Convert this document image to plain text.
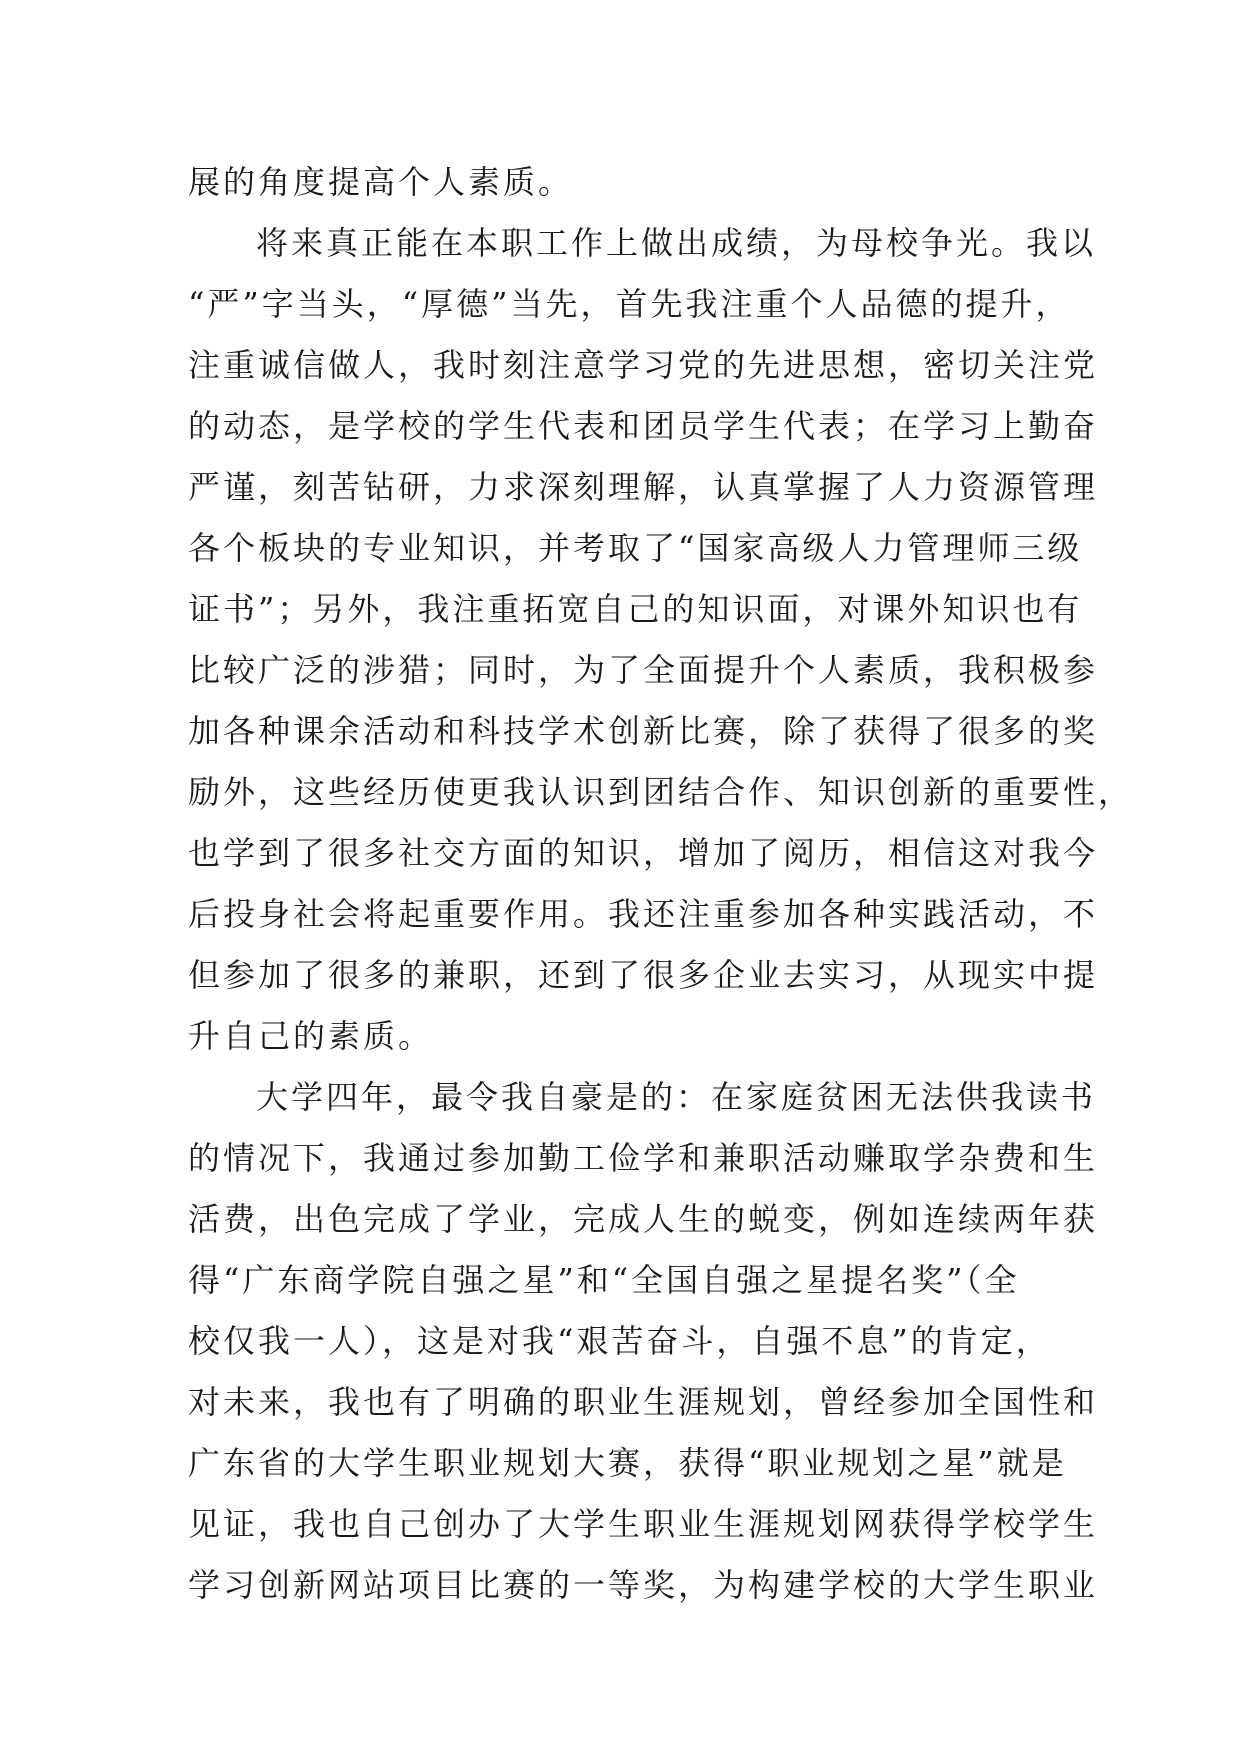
展的角度提高个人素质。
将来真正能在本职工作上做出成绩，为母校争光。我以
“严”字当头，“厚德”当先，首先我注重个人品德的提升，
注重诚信做人，我时刻注意学习党的先进思想，密切关注党
的动态，是学校的学生代表和团员学生代表；在学习上勤奋
严谨，刻苦钻研，力求深刻理解，认真掌握了人力资源管理
各个板块的专业知识，并考取了“国家高级人力管理师三级
证书”；另外，我注重拓宽自己的知识面，对课外知识也有
比较广泛的涉猎；同时，为了全面提升个人素质，我积极参
加各种课余活动和科技学术创新比赛，除了获得了很多的奖
励外，这些经历使更我认识到团结合作、知识创新的重要性，
也学到了很多社交方面的知识，增加了阅历，相信这对我今
后投身社会将起重要作用。我还注重参加各种实践活动，不
但参加了很多的兼职，还到了很多企业去实习，从现实中提
升自己的素质。
大学四年，最令我自豪是的：在家庭贫困无法供我读书
的情况下，我通过参加勤工俭学和兼职活动赚取学杂费和生
活费，出色完成了学业，完成人生的蜕变，例如连续两年获
得“广东商学院自强之星”和“全国自强之星提名奖”（全
校仅我一人），这是对我“艰苦奋斗，自强不息”的肯定，
对未来，我也有了明确的职业生涯规划，曾经参加全国性和
广东省的大学生职业规划大赛，获得“职业规划之星”就是
见证，我也自己创办了大学生职业生涯规划网获得学校学生
学习创新网站项目比赛的一等奖，为构建学校的大学生职业
